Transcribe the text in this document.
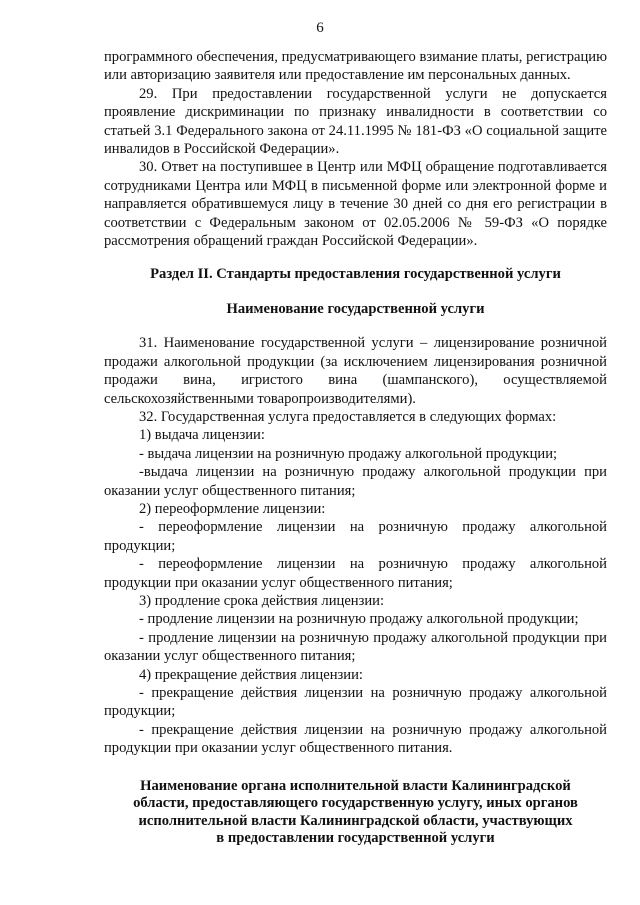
6

программного обеспечения, предусматривающего взимание платы, регистрацию или авторизацию заявителя или предоставление им персональных данных.

29. При предоставлении государственной услуги не допускается проявление дискриминации по признаку инвалидности в соответствии со статьей 3.1 Федерального закона от 24.11.1995 № 181-ФЗ «О социальной защите инвалидов в Российской Федерации».

30. Ответ на поступившее в Центр или МФЦ обращение подготавливается сотрудниками Центра или МФЦ в письменной форме или электронной форме и направляется обратившемуся лицу в течение 30 дней со дня его регистрации в соответствии с Федеральным законом от 02.05.2006 № 59-ФЗ «О порядке рассмотрения обращений граждан Российской Федерации».

Раздел II. Стандарты предоставления государственной услуги

Наименование государственной услуги

31. Наименование государственной услуги – лицензирование розничной продажи алкогольной продукции (за исключением лицензирования розничной продажи вина, игристого вина (шампанского), осуществляемой сельскохозяйственными товаропроизводителями).

32. Государственная услуга предоставляется в следующих формах:

1) выдача лицензии:

- выдача лицензии на розничную продажу алкогольной продукции;

-выдача лицензии на розничную продажу алкогольной продукции при оказании услуг общественного питания;

2) переоформление лицензии:

- переоформление лицензии на розничную продажу алкогольной продукции;

- переоформление лицензии на розничную продажу алкогольной продукции при оказании услуг общественного питания;

3) продление срока действия лицензии:

- продление лицензии на розничную продажу алкогольной продукции;

- продление лицензии на розничную продажу алкогольной продукции при оказании услуг общественного питания;

4) прекращение действия лицензии:

- прекращение действия лицензии на розничную продажу алкогольной продукции;

- прекращение действия лицензии на розничную продажу алкогольной продукции при оказании услуг общественного питания.

Наименование органа исполнительной власти Калининградской
области, предоставляющего государственную услугу, иных органов
исполнительной власти Калининградской области, участвующих
в предоставлении государственной услуги
